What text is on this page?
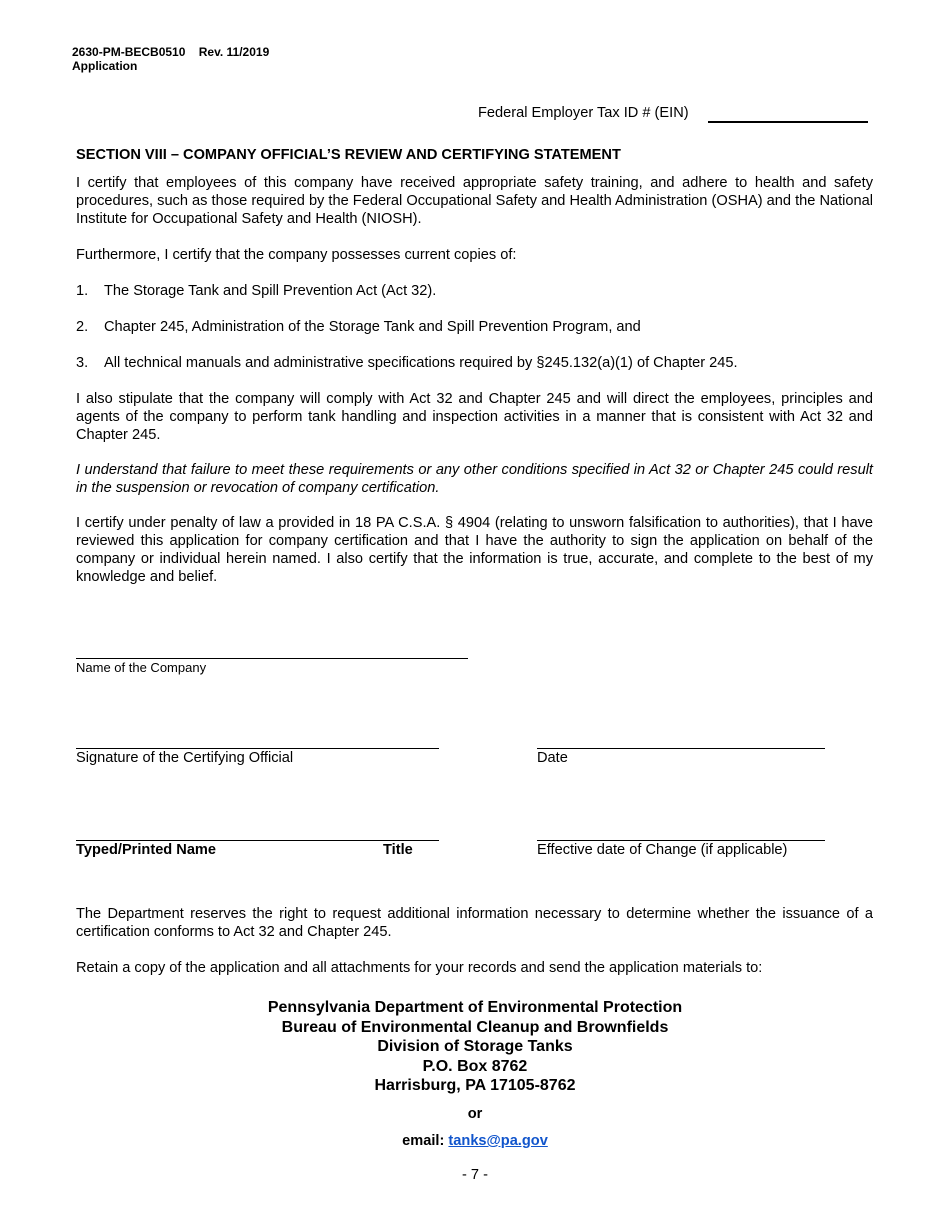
2630-PM-BECB0510 Rev. 11/2019
Application
Federal Employer Tax ID # (EIN)
SECTION VIII – COMPANY OFFICIAL’S REVIEW AND CERTIFYING STATEMENT
I certify that employees of this company have received appropriate safety training, and adhere to health and safety procedures, such as those required by the Federal Occupational Safety and Health Administration (OSHA) and the National Institute for Occupational Safety and Health (NIOSH).
Furthermore, I certify that the company possesses current copies of:
1. The Storage Tank and Spill Prevention Act (Act 32).
2. Chapter 245, Administration of the Storage Tank and Spill Prevention Program, and
3. All technical manuals and administrative specifications required by §245.132(a)(1) of Chapter 245.
I also stipulate that the company will comply with Act 32 and Chapter 245 and will direct the employees, principles and agents of the company to perform tank handling and inspection activities in a manner that is consistent with Act 32 and Chapter 245.
I understand that failure to meet these requirements or any other conditions specified in Act 32 or Chapter 245 could result in the suspension or revocation of company certification.
I certify under penalty of law a provided in 18 PA C.S.A. § 4904 (relating to unsworn falsification to authorities), that I have reviewed this application for company certification and that I have the authority to sign the application on behalf of the company or individual herein named. I also certify that the information is true, accurate, and complete to the best of my knowledge and belief.
Name of the Company
Signature of the Certifying Official	Date
Typed/Printed Name	Title	Effective date of Change (if applicable)
The Department reserves the right to request additional information necessary to determine whether the issuance of a certification conforms to Act 32 and Chapter 245.
Retain a copy of the application and all attachments for your records and send the application materials to:
Pennsylvania Department of Environmental Protection
Bureau of Environmental Cleanup and Brownfields
Division of Storage Tanks
P.O. Box 8762
Harrisburg, PA 17105-8762
or
email: tanks@pa.gov
- 7 -
